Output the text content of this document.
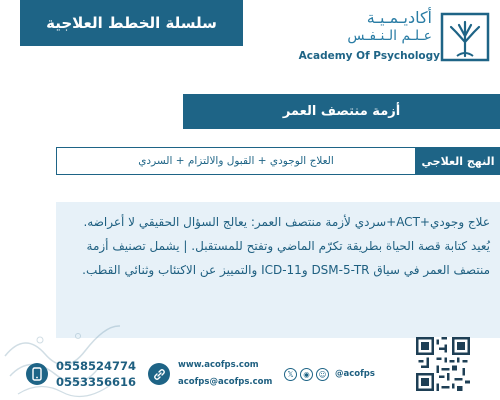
سلسلة الخطط العلاجية	أكاديـمـيـة
عـلـم الـنـفـس
Academy Of Psychology
أزمة منتصف العمر
النهج العلاجي
العلاج الوجودي + القبول والالتزام + السردي
علاج وجودي+ACT+سردي لأزمة منتصف العمر: يعالج السؤال الحقيقي لا أعراضه. يُعيد كتابة قصة الحياة بطريقة تكرّم الماضي وتفتح للمستقبل. | يشمل تصنيف أزمة منتصف العمر في سياق DSM-5-TR وICD-11 والتمييز عن الاكتئاب وثنائي القطب.
0558524774
0553356616
www.acofps.com
acofps@acofps.com
𝕏	◉	☺	@acofps
